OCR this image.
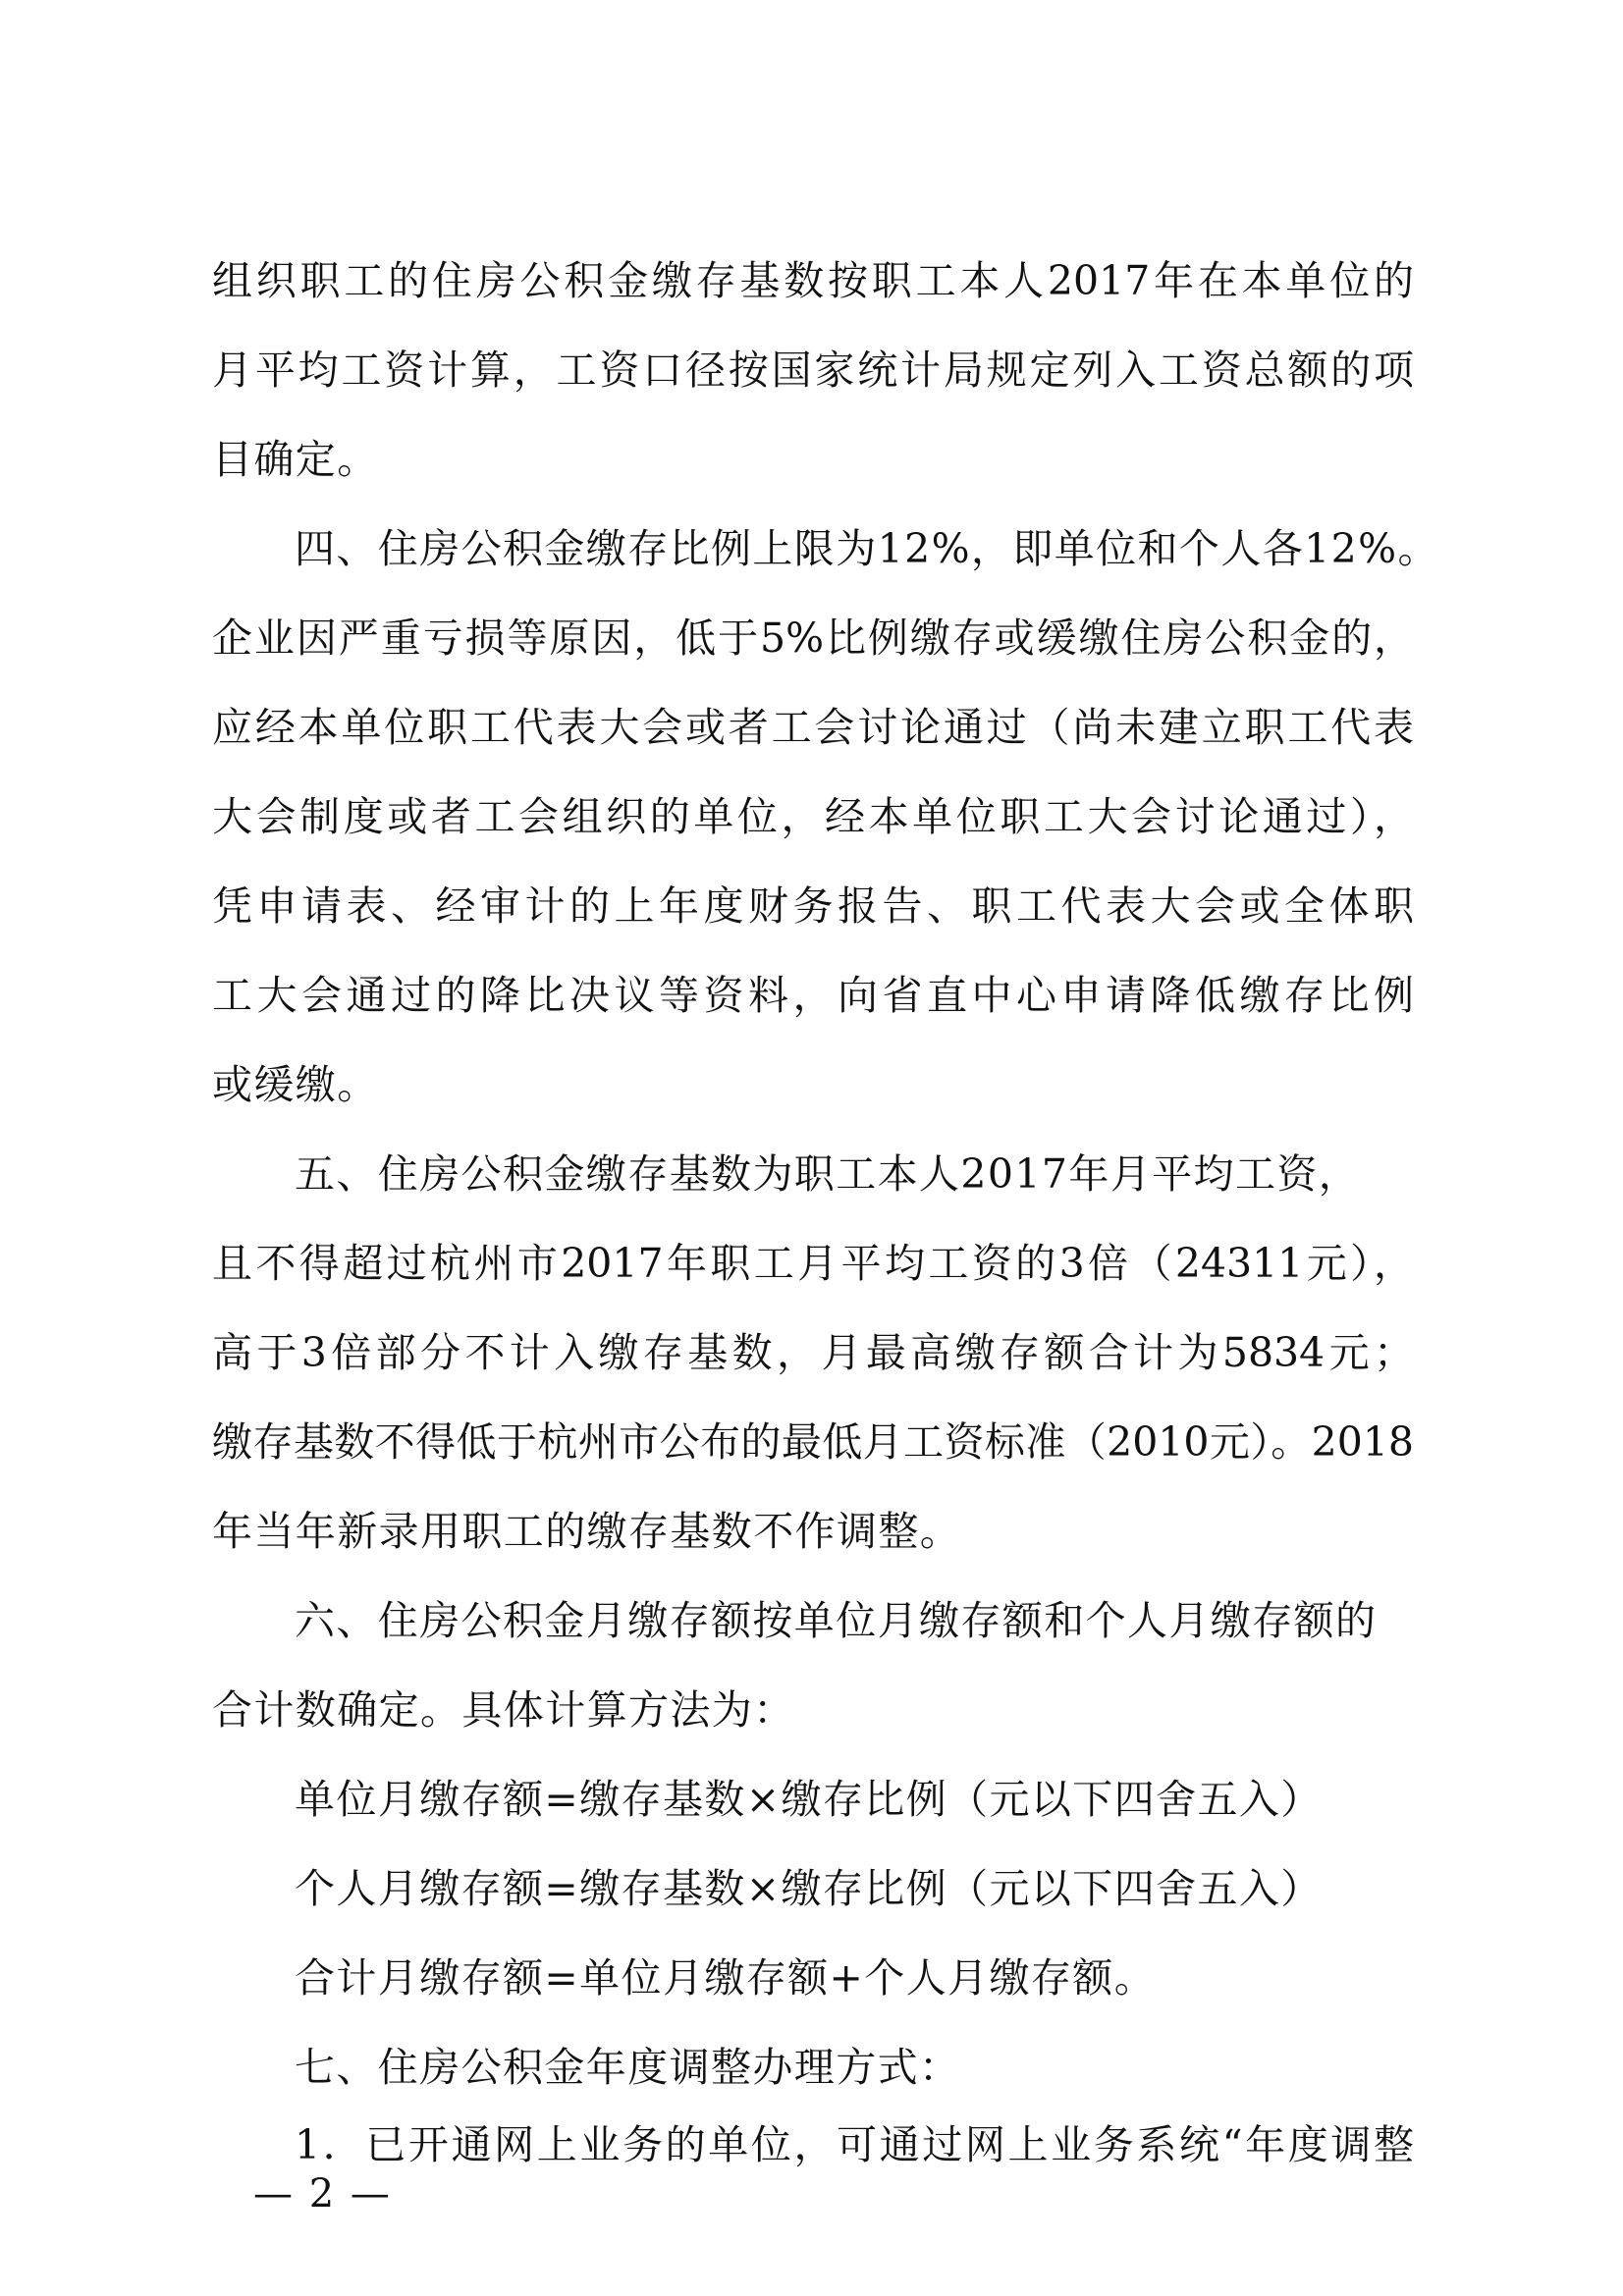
组织职工的住房公积金缴存基数按职工本人2017年在本单位的
月平均工资计算，工资口径按国家统计局规定列入工资总额的项
目确定。
四、住房公积金缴存比例上限为12%，即单位和个人各12%。
企业因严重亏损等原因，低于5%比例缴存或缓缴住房公积金的，
应经本单位职工代表大会或者工会讨论通过（尚未建立职工代表
大会制度或者工会组织的单位，经本单位职工大会讨论通过），
凭申请表、经审计的上年度财务报告、职工代表大会或全体职
工大会通过的降比决议等资料，向省直中心申请降低缴存比例
或缓缴。
五、住房公积金缴存基数为职工本人2017年月平均工资，
且不得超过杭州市2017年职工月平均工资的3倍（24311元），
高于3倍部分不计入缴存基数，月最高缴存额合计为5834元；
缴存基数不得低于杭州市公布的最低月工资标准（2010元）。2018
年当年新录用职工的缴存基数不作调整。
六、住房公积金月缴存额按单位月缴存额和个人月缴存额的
合计数确定。具体计算方法为：
单位月缴存额=缴存基数×缴存比例（元以下四舍五入）
个人月缴存额=缴存基数×缴存比例（元以下四舍五入）
合计月缴存额=单位月缴存额+个人月缴存额。
七、住房公积金年度调整办理方式：
1．已开通网上业务的单位，可通过网上业务系统“年度调整
— 2 —
